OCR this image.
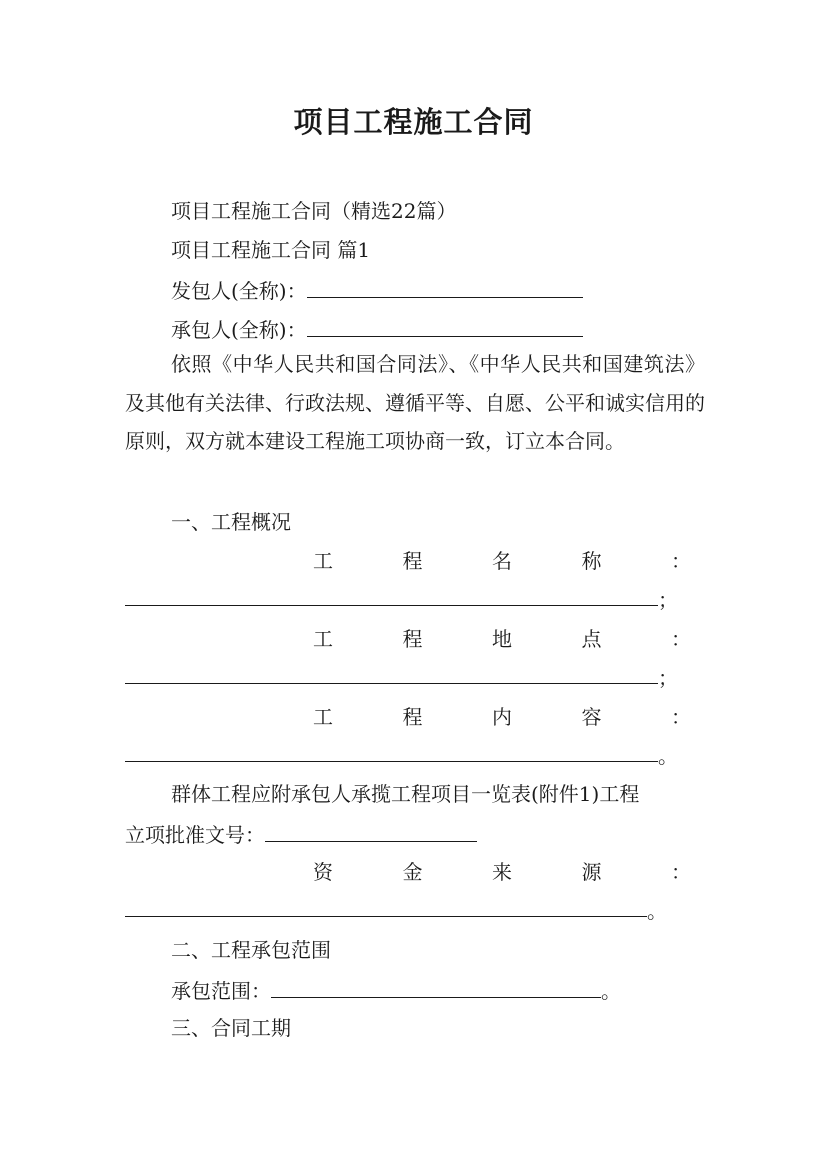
项目工程施工合同
项目工程施工合同（精选22篇）
项目工程施工合同 篇1
发包人(全称)：
承包人(全称)：
依照《中华人民共和国合同法》、《中华人民共和国建筑法》及其他有关法律、行政法规、遵循平等、自愿、公平和诚实信用的原则，双方就本建设工程施工项协商一致，订立本合同。
一、工程概况
工	程	名	称	：
；
工	程	地	点	：
；
工	程	内	容	：
。
群体工程应附承包人承揽工程项目一览表(附件1)工程
立项批准文号：
资	金	来	源	：
。
二、工程承包范围
承包范围：	。
三、合同工期
